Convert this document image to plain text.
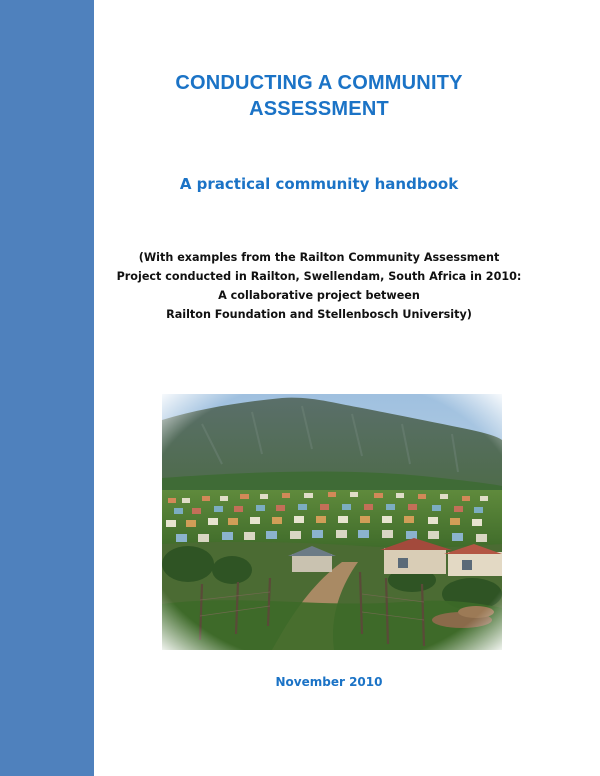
CONDUCTING A COMMUNITY
ASSESSMENT
A practical community handbook

(With examples from the Railton Community Assessment
Project conducted in Railton, Swellendam, South Africa in 2010:
A collaborative project between
Railton Foundation and Stellenbosch University)

November 2010
